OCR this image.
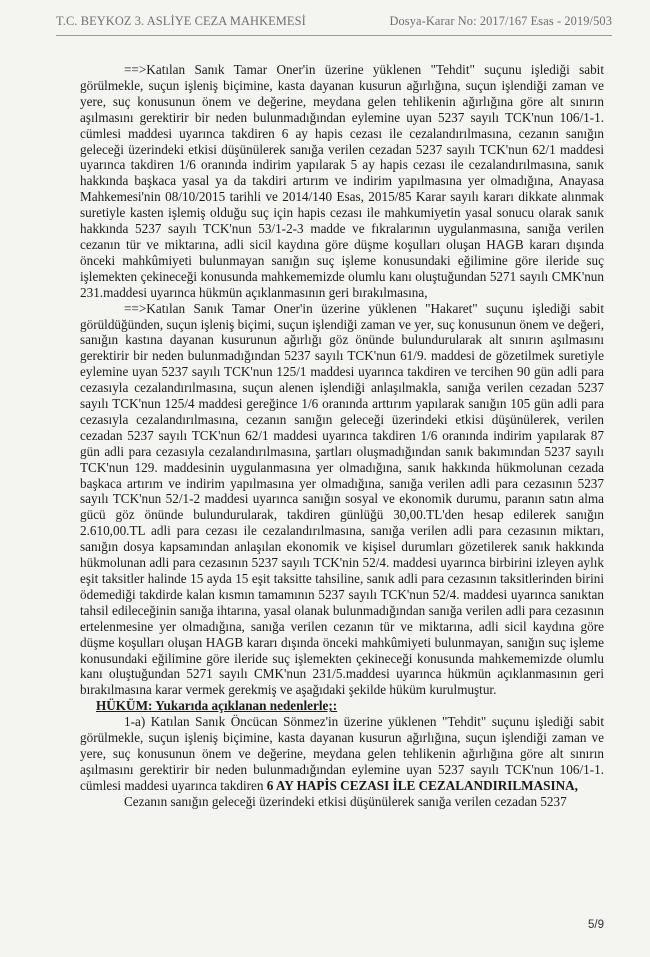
T.C. BEYKOZ 3. ASLİYE CEZA MAHKEMESİ	Dosya-Karar No: 2017/167 Esas - 2019/503

==>Katılan Sanık Tamar Oner'in üzerine yüklenen "Tehdit" suçunu işlediği sabit görülmekle, suçun işleniş biçimine, kasta dayanan kusurun ağırlığına, suçun işlendiği zaman ve yere, suç konusunun önem ve değerine, meydana gelen tehlikenin ağırlığına göre alt sınırın aşılmasını gerektirir bir neden bulunmadığından eylemine uyan 5237 sayılı TCK'nun 106/1-1. cümlesi maddesi uyarınca takdiren 6 ay hapis cezası ile cezalandırılmasına, cezanın sanığın geleceği üzerindeki etkisi düşünülerek sanığa verilen cezadan 5237 sayılı TCK'nun 62/1 maddesi uyarınca takdiren 1/6 oranında indirim yapılarak 5 ay hapis cezası ile cezalandırılmasına, sanık hakkında başkaca yasal ya da takdiri artırım ve indirim yapılmasına yer olmadığına, Anayasa Mahkemesi'nin 08/10/2015 tarihli ve 2014/140 Esas, 2015/85 Karar sayılı kararı dikkate alınmak suretiyle kasten işlemiş olduğu suç için hapis cezası ile mahkumiyetin yasal sonucu olarak sanık hakkında 5237 sayılı TCK'nun 53/1-2-3 madde ve fıkralarının uygulanmasına, sanığa verilen cezanın tür ve miktarına, adli sicil kaydına göre düşme koşulları oluşan HAGB kararı dışında önceki mahkûmiyeti bulunmayan sanığın suç işleme konusundaki eğilimine göre ileride suç işlemekten çekineceği konusunda mahkememizde olumlu kanı oluştuğundan 5271 sayılı CMK'nun 231.maddesi uyarınca hükmün açıklanmasının geri bırakılmasına,

==>Katılan Sanık Tamar Oner'in üzerine yüklenen "Hakaret" suçunu işlediği sabit görüldüğünden, suçun işleniş biçimi, suçun işlendiği zaman ve yer, suç konusunun önem ve değeri, sanığın kastına dayanan kusurunun ağırlığı göz önünde bulundurularak alt sınırın aşılmasını gerektirir bir neden bulunmadığından 5237 sayılı TCK'nun 61/9. maddesi de gözetilmek suretiyle eylemine uyan 5237 sayılı TCK'nun 125/1 maddesi uyarınca takdiren ve tercihen 90 gün adli para cezasıyla cezalandırılmasına, suçun alenen işlendiği anlaşılmakla, sanığa verilen cezadan 5237 sayılı TCK'nun 125/4 maddesi gereğince 1/6 oranında arttırım yapılarak sanığın 105 gün adli para cezasıyla cezalandırılmasına, cezanın sanığın geleceği üzerindeki etkisi düşünülerek, verilen cezadan 5237 sayılı TCK'nun 62/1 maddesi uyarınca takdiren 1/6 oranında indirim yapılarak 87 gün adli para cezasıyla cezalandırılmasına, şartları oluşmadığından sanık bakımından 5237 sayılı TCK'nun 129. maddesinin uygulanmasına yer olmadığına, sanık hakkında hükmolunan cezada başkaca artırım ve indirim yapılmasına yer olmadığına, sanığa verilen adli para cezasının 5237 sayılı TCK'nun 52/1-2 maddesi uyarınca sanığın sosyal ve ekonomik durumu, paranın satın alma gücü göz önünde bulundurularak, takdiren günlüğü 30,00.TL'den hesap edilerek sanığın 2.610,00.TL adli para cezası ile cezalandırılmasına, sanığa verilen adli para cezasının miktarı, sanığın dosya kapsamından anlaşılan ekonomik ve kişisel durumları gözetilerek sanık hakkında hükmolunan adli para cezasının 5237 sayılı TCK'nin 52/4. maddesi uyarınca birbirini izleyen aylık eşit taksitler halinde 15 ayda 15 eşit taksitte tahsiline, sanık adli para cezasının taksitlerinden birini ödemediği takdirde kalan kısmın tamamının 5237 sayılı TCK'nun 52/4. maddesi uyarınca sanıktan tahsil edileceğinin sanığa ihtarına, yasal olanak bulunmadığından sanığa verilen adli para cezasının ertelenmesine yer olmadığına, sanığa verilen cezanın tür ve miktarına, adli sicil kaydına göre düşme koşulları oluşan HAGB kararı dışında önceki mahkûmiyeti bulunmayan, sanığın suç işleme konusundaki eğilimine göre ileride suç işlemekten çekineceği konusunda mahkememizde olumlu kanı oluştuğundan 5271 sayılı CMK'nun 231/5.maddesi uyarınca hükmün açıklanmasının geri bırakılmasına karar vermek gerekmiş ve aşağıdaki şekilde hüküm kurulmuştur.

HÜKÜM: Yukarıda açıklanan nedenlerle;:

1-a) Katılan Sanık Öncücan Sönmez'in üzerine yüklenen "Tehdit" suçunu işlediği sabit görülmekle, suçun işleniş biçimine, kasta dayanan kusurun ağırlığına, suçun işlendiği zaman ve yere, suç konusunun önem ve değerine, meydana gelen tehlikenin ağırlığına göre alt sınırın aşılmasını gerektirir bir neden bulunmadığından eylemine uyan 5237 sayılı TCK'nun 106/1-1. cümlesi maddesi uyarınca takdiren 6 AY HAPİS CEZASI İLE CEZALANDIRILMASINA,

Cezanın sanığın geleceği üzerindeki etkisi düşünülerek sanığa verilen cezadan 5237

5/9
